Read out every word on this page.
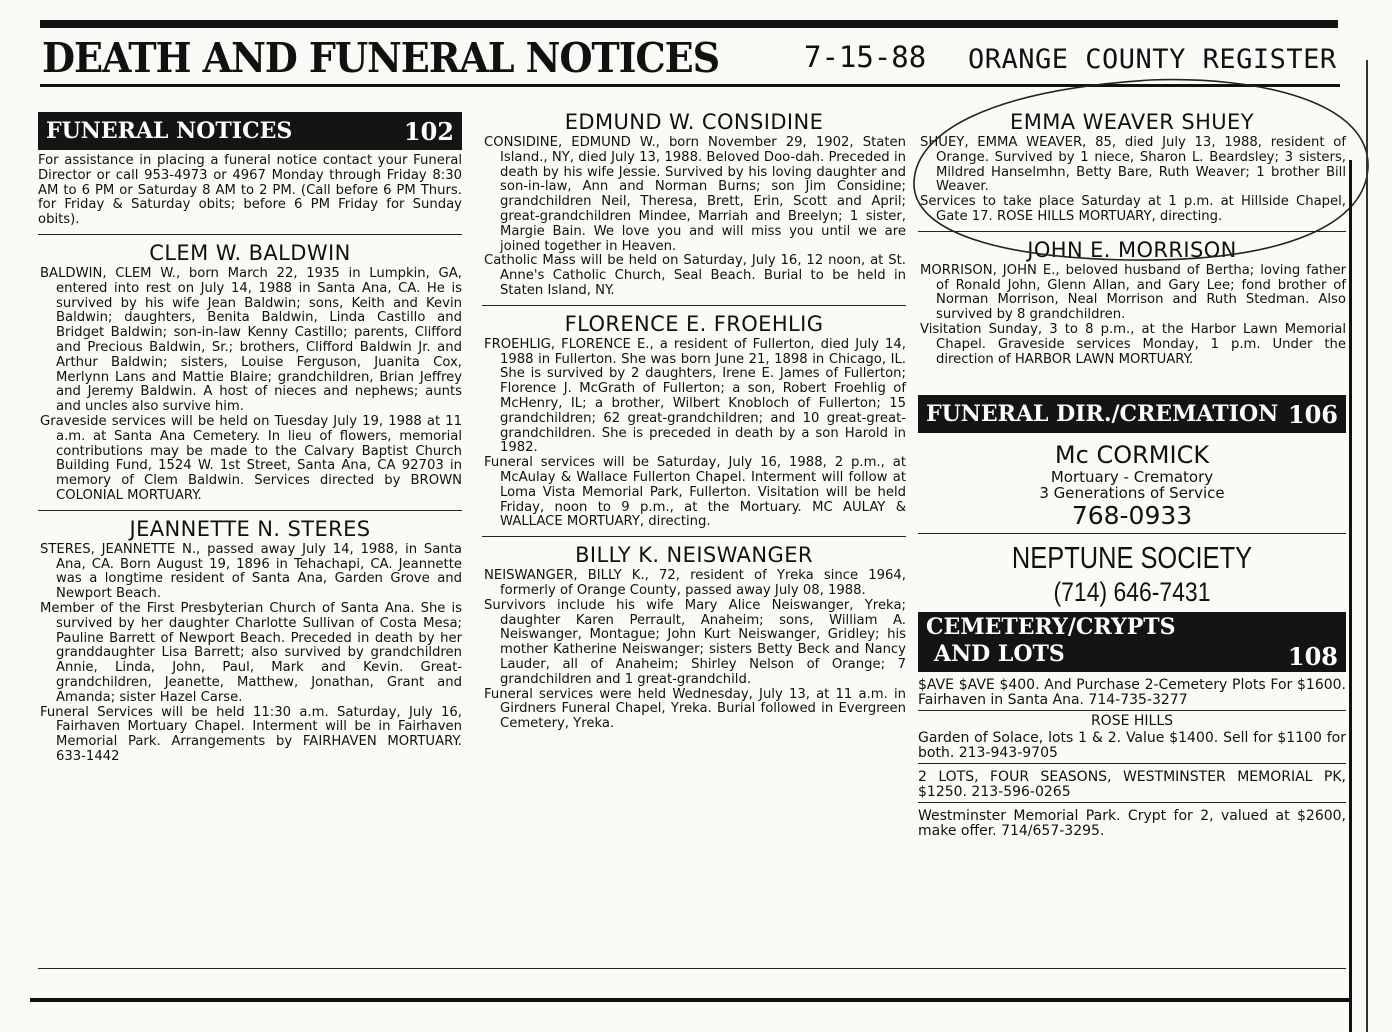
DEATH AND FUNERAL NOTICES	7-15-88 ORANGE COUNTY REGISTER
FUNERAL NOTICES	102
For assistance in placing a funeral notice contact your Funeral Director or call 953-4973 or 4967 Monday through Friday 8:30 AM to 6 PM or Saturday 8 AM to 2 PM. (Call before 6 PM Thurs. for Friday & Saturday obits; before 6 PM Friday for Sunday obits).
CLEM W. BALDWIN

BALDWIN, CLEM W., born March 22, 1935 in Lumpkin, GA, entered into rest on July 14, 1988 in Santa Ana, CA. He is survived by his wife Jean Baldwin; sons, Keith and Kevin Baldwin; daughters, Benita Baldwin, Linda Castillo and Bridget Baldwin; son-in-law Kenny Castillo; parents, Clifford and Precious Baldwin, Sr.; brothers, Clifford Baldwin Jr. and Arthur Baldwin; sisters, Louise Ferguson, Juanita Cox, Merlynn Lans and Mattie Blaire; grandchildren, Brian Jeffrey and Jeremy Baldwin. A host of nieces and nephews; aunts and uncles also survive him.

Graveside services will be held on Tuesday July 19, 1988 at 11 a.m. at Santa Ana Cemetery. In lieu of flowers, memorial contributions may be made to the Calvary Baptist Church Building Fund, 1524 W. 1st Street, Santa Ana, CA 92703 in memory of Clem Baldwin. Services directed by BROWN COLONIAL MORTUARY.

JEANNETTE N. STERES

STERES, JEANNETTE N., passed away July 14, 1988, in Santa Ana, CA. Born August 19, 1896 in Tehachapi, CA. Jeannette was a longtime resident of Santa Ana, Garden Grove and Newport Beach.

Member of the First Presbyterian Church of Santa Ana. She is survived by her daughter Charlotte Sullivan of Costa Mesa; Pauline Barrett of Newport Beach. Preceded in death by her granddaughter Lisa Barrett; also survived by grandchildren Annie, Linda, John, Paul, Mark and Kevin. Great-grandchildren, Jeanette, Matthew, Jonathan, Grant and Amanda; sister Hazel Carse.

Funeral Services will be held 11:30 a.m. Saturday, July 16, Fairhaven Mortuary Chapel. Interment will be in Fairhaven Memorial Park. Arrangements by FAIRHAVEN MORTUARY. 633-1442

EDMUND W. CONSIDINE

CONSIDINE, EDMUND W., born November 29, 1902, Staten Island., NY, died July 13, 1988. Beloved Doo-dah. Preceded in death by his wife Jessie. Survived by his loving daughter and son-in-law, Ann and Norman Burns; son Jim Considine; grandchildren Neil, Theresa, Brett, Erin, Scott and April; great-grandchildren Mindee, Marriah and Breelyn; 1 sister, Margie Bain. We love you and will miss you until we are joined together in Heaven.

Catholic Mass will be held on Saturday, July 16, 12 noon, at St. Anne's Catholic Church, Seal Beach. Burial to be held in Staten Island, NY.

FLORENCE E. FROEHLIG

FROEHLIG, FLORENCE E., a resident of Fullerton, died July 14, 1988 in Fullerton. She was born June 21, 1898 in Chicago, IL. She is survived by 2 daughters, Irene E. James of Fullerton; Florence J. McGrath of Fullerton; a son, Robert Froehlig of McHenry, IL; a brother, Wilbert Knobloch of Fullerton; 15 grandchildren; 62 great-grandchildren; and 10 great-great-grandchildren. She is preceded in death by a son Harold in 1982.

Funeral services will be Saturday, July 16, 1988, 2 p.m., at McAulay & Wallace Fullerton Chapel. Interment will follow at Loma Vista Memorial Park, Fullerton. Visitation will be held Friday, noon to 9 p.m., at the Mortuary. MC AULAY & WALLACE MORTUARY, directing.

BILLY K. NEISWANGER

NEISWANGER, BILLY K., 72, resident of Yreka since 1964, formerly of Orange County, passed away July 08, 1988.

Survivors include his wife Mary Alice Neiswanger, Yreka; daughter Karen Perrault, Anaheim; sons, William A. Neiswanger, Montague; John Kurt Neiswanger, Gridley; his mother Katherine Neiswanger; sisters Betty Beck and Nancy Lauder, all of Anaheim; Shirley Nelson of Orange; 7 grandchildren and 1 great-grandchild.

Funeral services were held Wednesday, July 13, at 11 a.m. in Girdners Funeral Chapel, Yreka. Burial followed in Evergreen Cemetery, Yreka.

EMMA WEAVER SHUEY

SHUEY, EMMA WEAVER, 85, died July 13, 1988, resident of Orange. Survived by 1 niece, Sharon L. Beardsley; 3 sisters, Mildred Hanselmhn, Betty Bare, Ruth Weaver; 1 brother Bill Weaver.

Services to take place Saturday at 1 p.m. at Hillside Chapel, Gate 17. ROSE HILLS MORTUARY, directing.

JOHN E. MORRISON

MORRISON, JOHN E., beloved husband of Bertha; loving father of Ronald John, Glenn Allan, and Gary Lee; fond brother of Norman Morrison, Neal Morrison and Ruth Stedman. Also survived by 8 grandchildren.

Visitation Sunday, 3 to 8 p.m., at the Harbor Lawn Memorial Chapel. Graveside services Monday, 1 p.m. Under the direction of HARBOR LAWN MORTUARY.

FUNERAL DIR./CREMATION 106
Mc CORMICK
Mortuary - Crematory
3 Generations of Service
768-0933
NEPTUNE SOCIETY
(714) 646-7431
CEMETERY/CRYPTS
AND LOTS	108
$AVE $AVE $400. And Purchase 2-Cemetery Plots For $1600. Fairhaven in Santa Ana. 714-735-3277
ROSE HILLS
Garden of Solace, lots 1 & 2. Value $1400. Sell for $1100 for both. 213-943-9705
2 LOTS, FOUR SEASONS, WESTMINSTER MEMORIAL PK, $1250. 213-596-0265
Westminster Memorial Park. Crypt for 2, valued at $2600, make offer. 714/657-3295.
